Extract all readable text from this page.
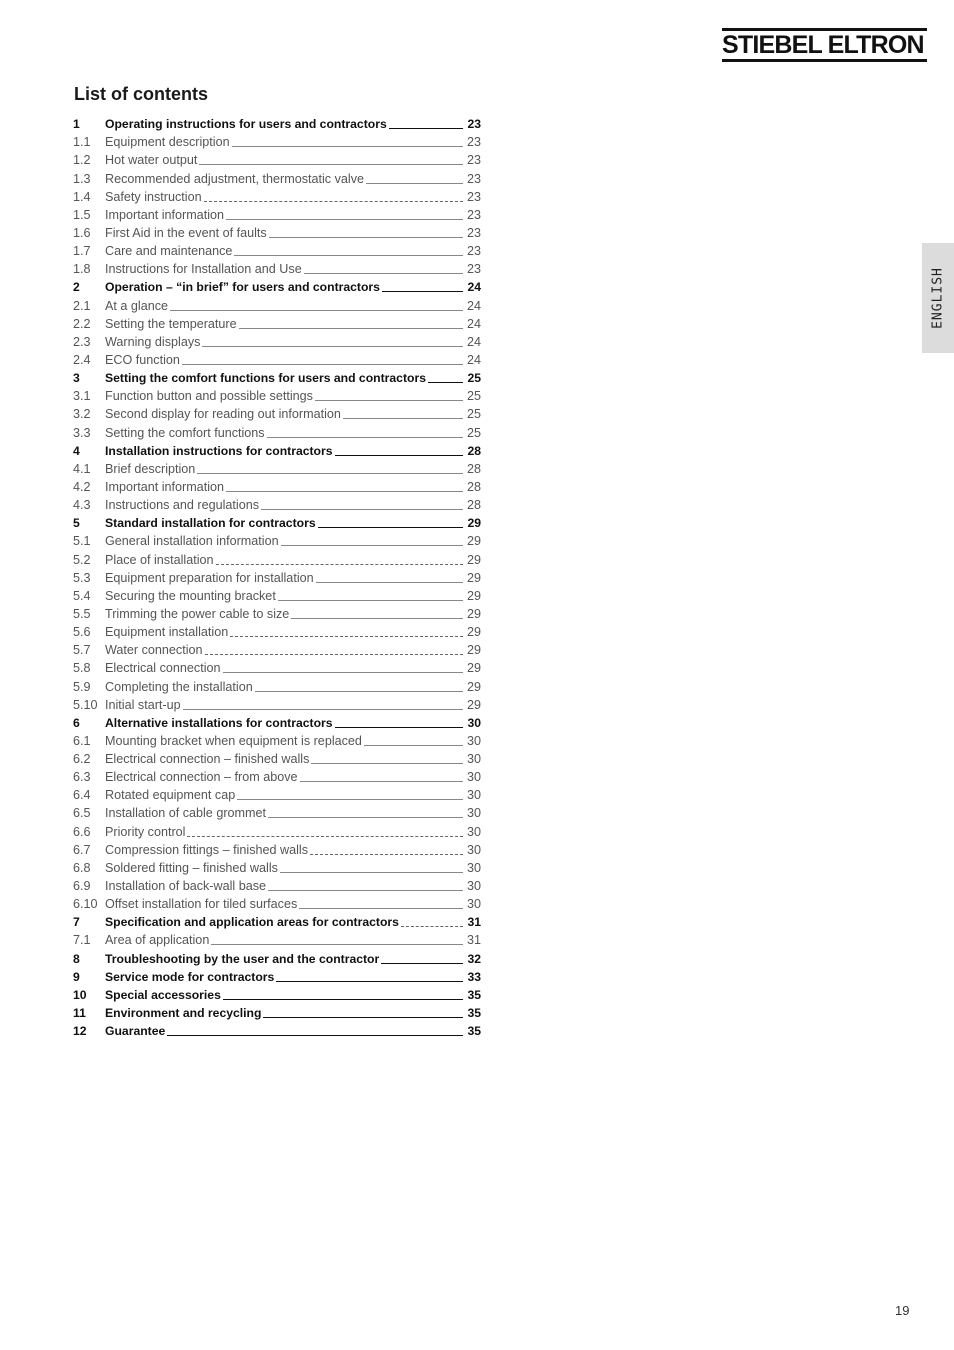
STIEBEL ELTRON
List of contents
1	Operating instructions for users and contractors	23
1.1	Equipment description	23
1.2	Hot water output	23
1.3	Recommended adjustment, thermostatic valve	23
1.4	Safety instruction	23
1.5	Important information	23
1.6	First Aid in the event of faults	23
1.7	Care and maintenance	23
1.8	Instructions for Installation and Use	23
2	Operation – “in brief” for users and contractors	24
2.1	At a glance	24
2.2	Setting the temperature	24
2.3	Warning displays	24
2.4	ECO function	24
3	Setting the comfort functions for users and contractors	25
3.1	Function button and possible settings	25
3.2	Second display for reading out information	25
3.3	Setting the comfort functions	25
4	Installation instructions for contractors	28
4.1	Brief description	28
4.2	Important information	28
4.3	Instructions and regulations	28
5	Standard installation for contractors	29
5.1	General installation information	29
5.2	Place of installation	29
5.3	Equipment preparation for installation	29
5.4	Securing the mounting bracket	29
5.5	Trimming the power cable to size	29
5.6	Equipment installation	29
5.7	Water connection	29
5.8	Electrical connection	29
5.9	Completing the installation	29
5.10 Initial start-up	29
6	Alternative installations for contractors	30
6.1	Mounting bracket when equipment is replaced	30
6.2	Electrical connection – finished walls	30
6.3	Electrical connection – from above	30
6.4	Rotated equipment cap	30
6.5	Installation of cable grommet	30
6.6	Priority control	30
6.7	Compression fittings – finished walls	30
6.8	Soldered fitting – finished walls	30
6.9	Installation of back-wall base	30
6.10 Offset installation for tiled surfaces	30
7	Specification and application areas for contractors	31
7.1	Area of application	31
8	Troubleshooting by the user and the contractor	32
9	Service mode for contractors	33
10	Special accessories	35
11	Environment and recycling	35
12	Guarantee	35
ENGLISH
19
